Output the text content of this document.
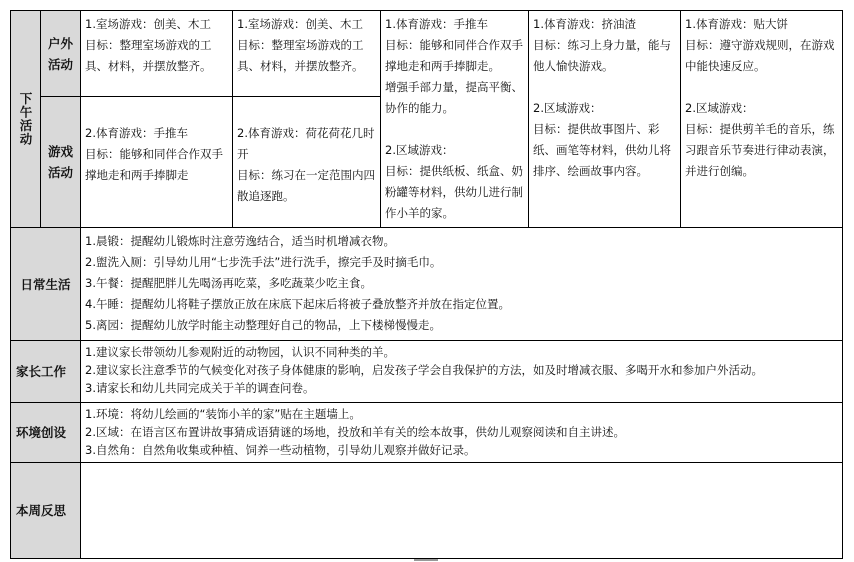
下午活动	户外活动	1.室场游戏：创美、木工
目标：整理室场游戏的工具、材料，并摆放整齐。	1.室场游戏：创美、木工
目标：整理室场游戏的工具、材料，并摆放整齐。	1.体育游戏：手推车
目标：能够和同伴合作双手撑地走和两手捧脚走。
增强手部力量，提高平衡、协作的能力。
2.区域游戏：
目标：提供纸板、纸盒、奶粉罐等材料，供幼儿进行制作小羊的家。	1.体育游戏：挤油渣
目标：练习上身力量，能与他人愉快游戏。
2.区域游戏：
目标：提供故事图片、彩纸、画笔等材料，供幼儿将排序、绘画故事内容。	1.体育游戏：贴大饼
目标：遵守游戏规则，在游戏中能快速反应。
2.区域游戏：
目标：提供剪羊毛的音乐，练习跟音乐节奏进行律动表演，并进行创编。

	游戏活动	2.体育游戏：手推车
目标：能够和同伴合作双手撑地走和两手捧脚走	2.体育游戏：荷花荷花几时开
目标：练习在一定范围内四散追逐跑。			

日常生活		1.晨锻：提醒幼儿锻炼时注意劳逸结合，适当时机增减衣物。
2.盥洗入厕：引导幼儿用“七步洗手法”进行洗手，擦完手及时摘毛巾。
3.午餐：提醒肥胖儿先喝汤再吃菜，多吃蔬菜少吃主食。
4.午睡：提醒幼儿将鞋子摆放正放在床底下起床后将被子叠放整齐并放在指定位置。
5.离园：提醒幼儿放学时能主动整理好自己的物品，上下楼梯慢慢走。				

家长工作		1.建议家长带领幼儿参观附近的动物园，认识不同种类的羊。
2.建议家长注意季节的气候变化对孩子身体健康的影响，启发孩子学会自我保护的方法，如及时增减衣服、多喝开水和参加户外活动。
3.请家长和幼儿共同完成关于羊的调查问卷。				

环境创设		1.环境：将幼儿绘画的“装饰小羊的家”贴在主题墙上。
2.区域：在语言区布置讲故事猜成语猜谜的场地，投放和羊有关的绘本故事，供幼儿观察阅读和自主讲述。
3.自然角：自然角收集或种植、饲养一些动植物，引导幼儿观察并做好记录。				

本周反思						
